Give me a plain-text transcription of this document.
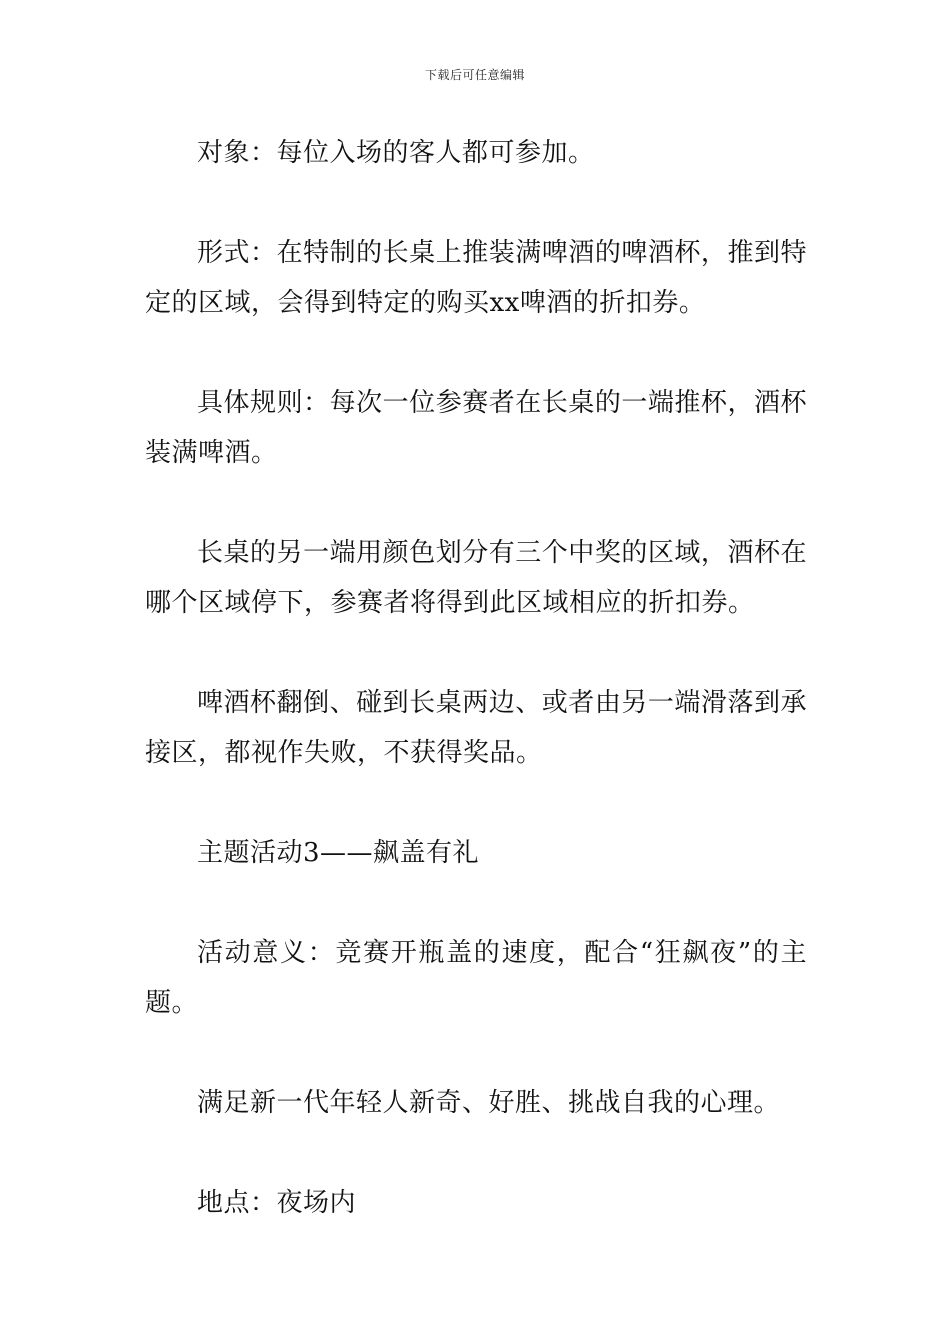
下载后可任意编辑

对象：每位入场的客人都可参加。

形式：在特制的长桌上推装满啤酒的啤酒杯，推到特定的区域，会得到特定的购买xx啤酒的折扣券。

具体规则：每次一位参赛者在长桌的一端推杯，酒杯装满啤酒。

长桌的另一端用颜色划分有三个中奖的区域，酒杯在哪个区域停下，参赛者将得到此区域相应的折扣券。

啤酒杯翻倒、碰到长桌两边、或者由另一端滑落到承接区，都视作失败，不获得奖品。

主题活动3——飙盖有礼

活动意义：竞赛开瓶盖的速度，配合“狂飙夜”的主题。

满足新一代年轻人新奇、好胜、挑战自我的心理。

地点：夜场内
